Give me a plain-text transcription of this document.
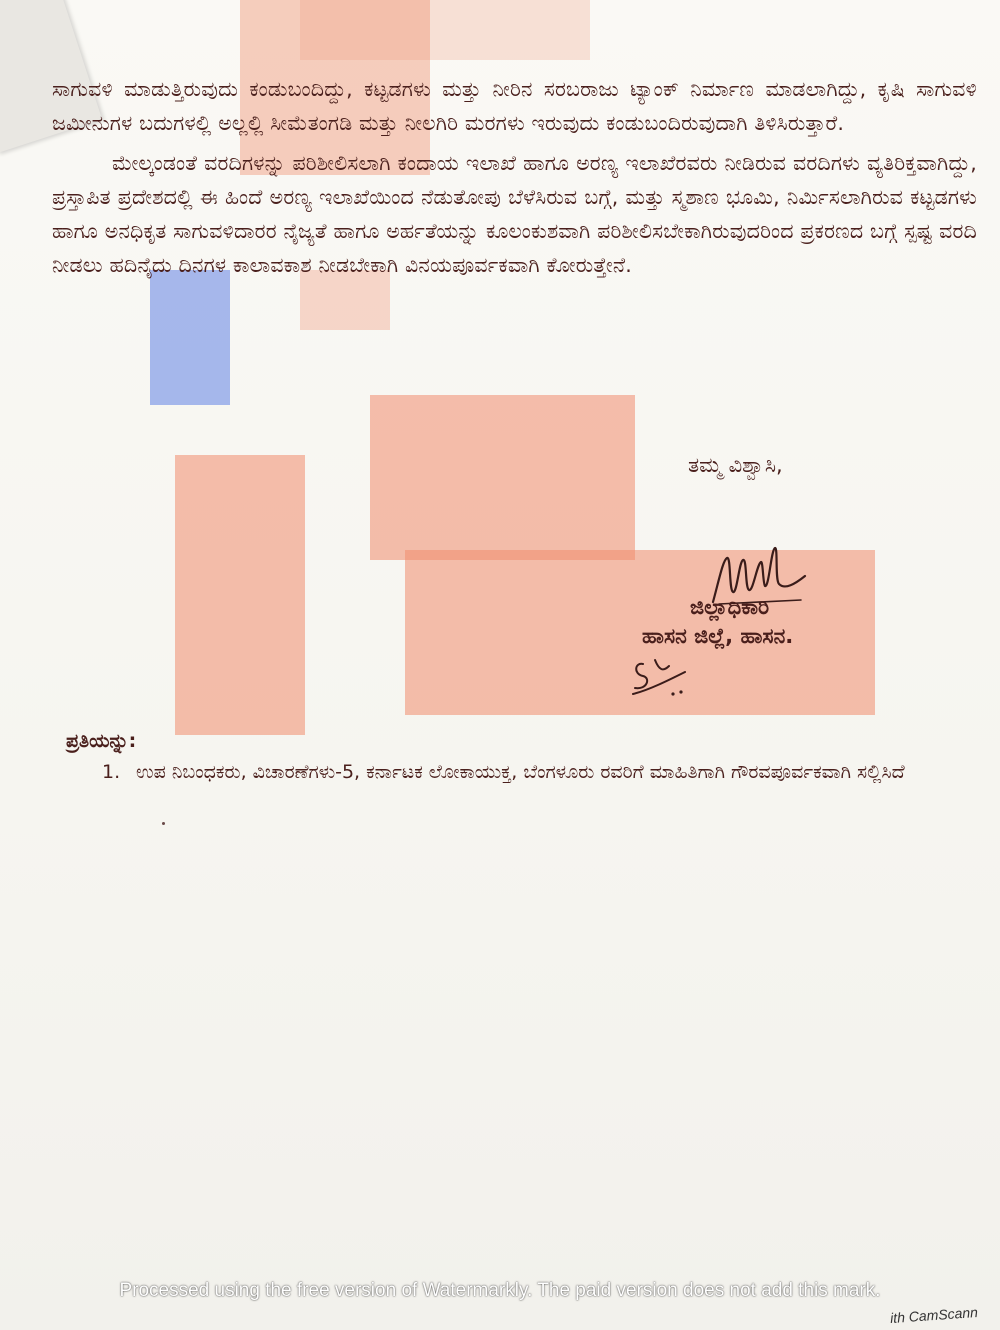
ಸಾಗುವಳಿ ಮಾಡುತ್ತಿರುವುದು ಕಂಡುಬಂದಿದ್ದು, ಕಟ್ಟಡಗಳು ಮತ್ತು ನೀರಿನ ಸರಬರಾಜು ಟ್ಯಾಂಕ್ ನಿರ್ಮಾಣ ಮಾಡಲಾಗಿದ್ದು, ಕೃಷಿ ಸಾಗುವಳಿ ಜಮೀನುಗಳ ಬದುಗಳಲ್ಲಿ ಅಲ್ಲಲ್ಲಿ ಸೀಮೆತಂಗಡಿ ಮತ್ತು ನೀಲಗಿರಿ ಮರಗಳು ಇರುವುದು ಕಂಡುಬಂದಿರುವುದಾಗಿ ತಿಳಿಸಿರುತ್ತಾರೆ.

ಮೇಲ್ಕಂಡಂತೆ ವರದಿಗಳನ್ನು ಪರಿಶೀಲಿಸಲಾಗಿ ಕಂದಾಯ ಇಲಾಖೆ ಹಾಗೂ ಅರಣ್ಯ ಇಲಾಖೆರವರು ನೀಡಿರುವ ವರದಿಗಳು ವ್ಯತಿರಿಕ್ತವಾಗಿದ್ದು, ಪ್ರಸ್ತಾಪಿತ ಪ್ರದೇಶದಲ್ಲಿ ಈ ಹಿಂದೆ ಅರಣ್ಯ ಇಲಾಖೆಯಿಂದ ನೆಡುತೋಪು ಬೆಳೆಸಿರುವ ಬಗ್ಗೆ, ಮತ್ತು ಸ್ಮಶಾಣ ಭೂಮಿ, ನಿರ್ಮಿಸಲಾಗಿರುವ ಕಟ್ಟಡಗಳು ಹಾಗೂ ಅನಧಿಕೃತ ಸಾಗುವಳಿದಾರರ ನೈಜ್ಯತೆ ಹಾಗೂ ಅರ್ಹತೆಯನ್ನು ಕೂಲಂಕುಶವಾಗಿ ಪರಿಶೀಲಿಸಬೇಕಾಗಿರುವುದರಿಂದ ಪ್ರಕರಣದ ಬಗ್ಗೆ ಸ್ಪಷ್ಟ ವರದಿ ನೀಡಲು ಹದಿನೈದು ದಿನಗಳ ಕಾಲಾವಕಾಶ ನೀಡಬೇಕಾಗಿ ವಿನಯಪೂರ್ವಕವಾಗಿ ಕೋರುತ್ತೇನೆ.

ತಮ್ಮ ವಿಶ್ವಾಸಿ,
ಜಿಲ್ಲಾಧಿಕಾರಿ
ಹಾಸನ ಜಿಲ್ಲೆ, ಹಾಸನ.
ಪ್ರತಿಯನ್ನು:
1. ಉಪ ನಿಬಂಧಕರು, ವಿಚಾರಣೆಗಳು-5, ಕರ್ನಾಟಕ ಲೋಕಾಯುಕ್ತ, ಬೆಂಗಳೂರು ರವರಿಗೆ ಮಾಹಿತಿಗಾಗಿ ಗೌರವಪೂರ್ವಕವಾಗಿ ಸಲ್ಲಿಸಿದೆ
Processed using the free version of Watermarkly. The paid version does not add this mark.
ith CamScann
